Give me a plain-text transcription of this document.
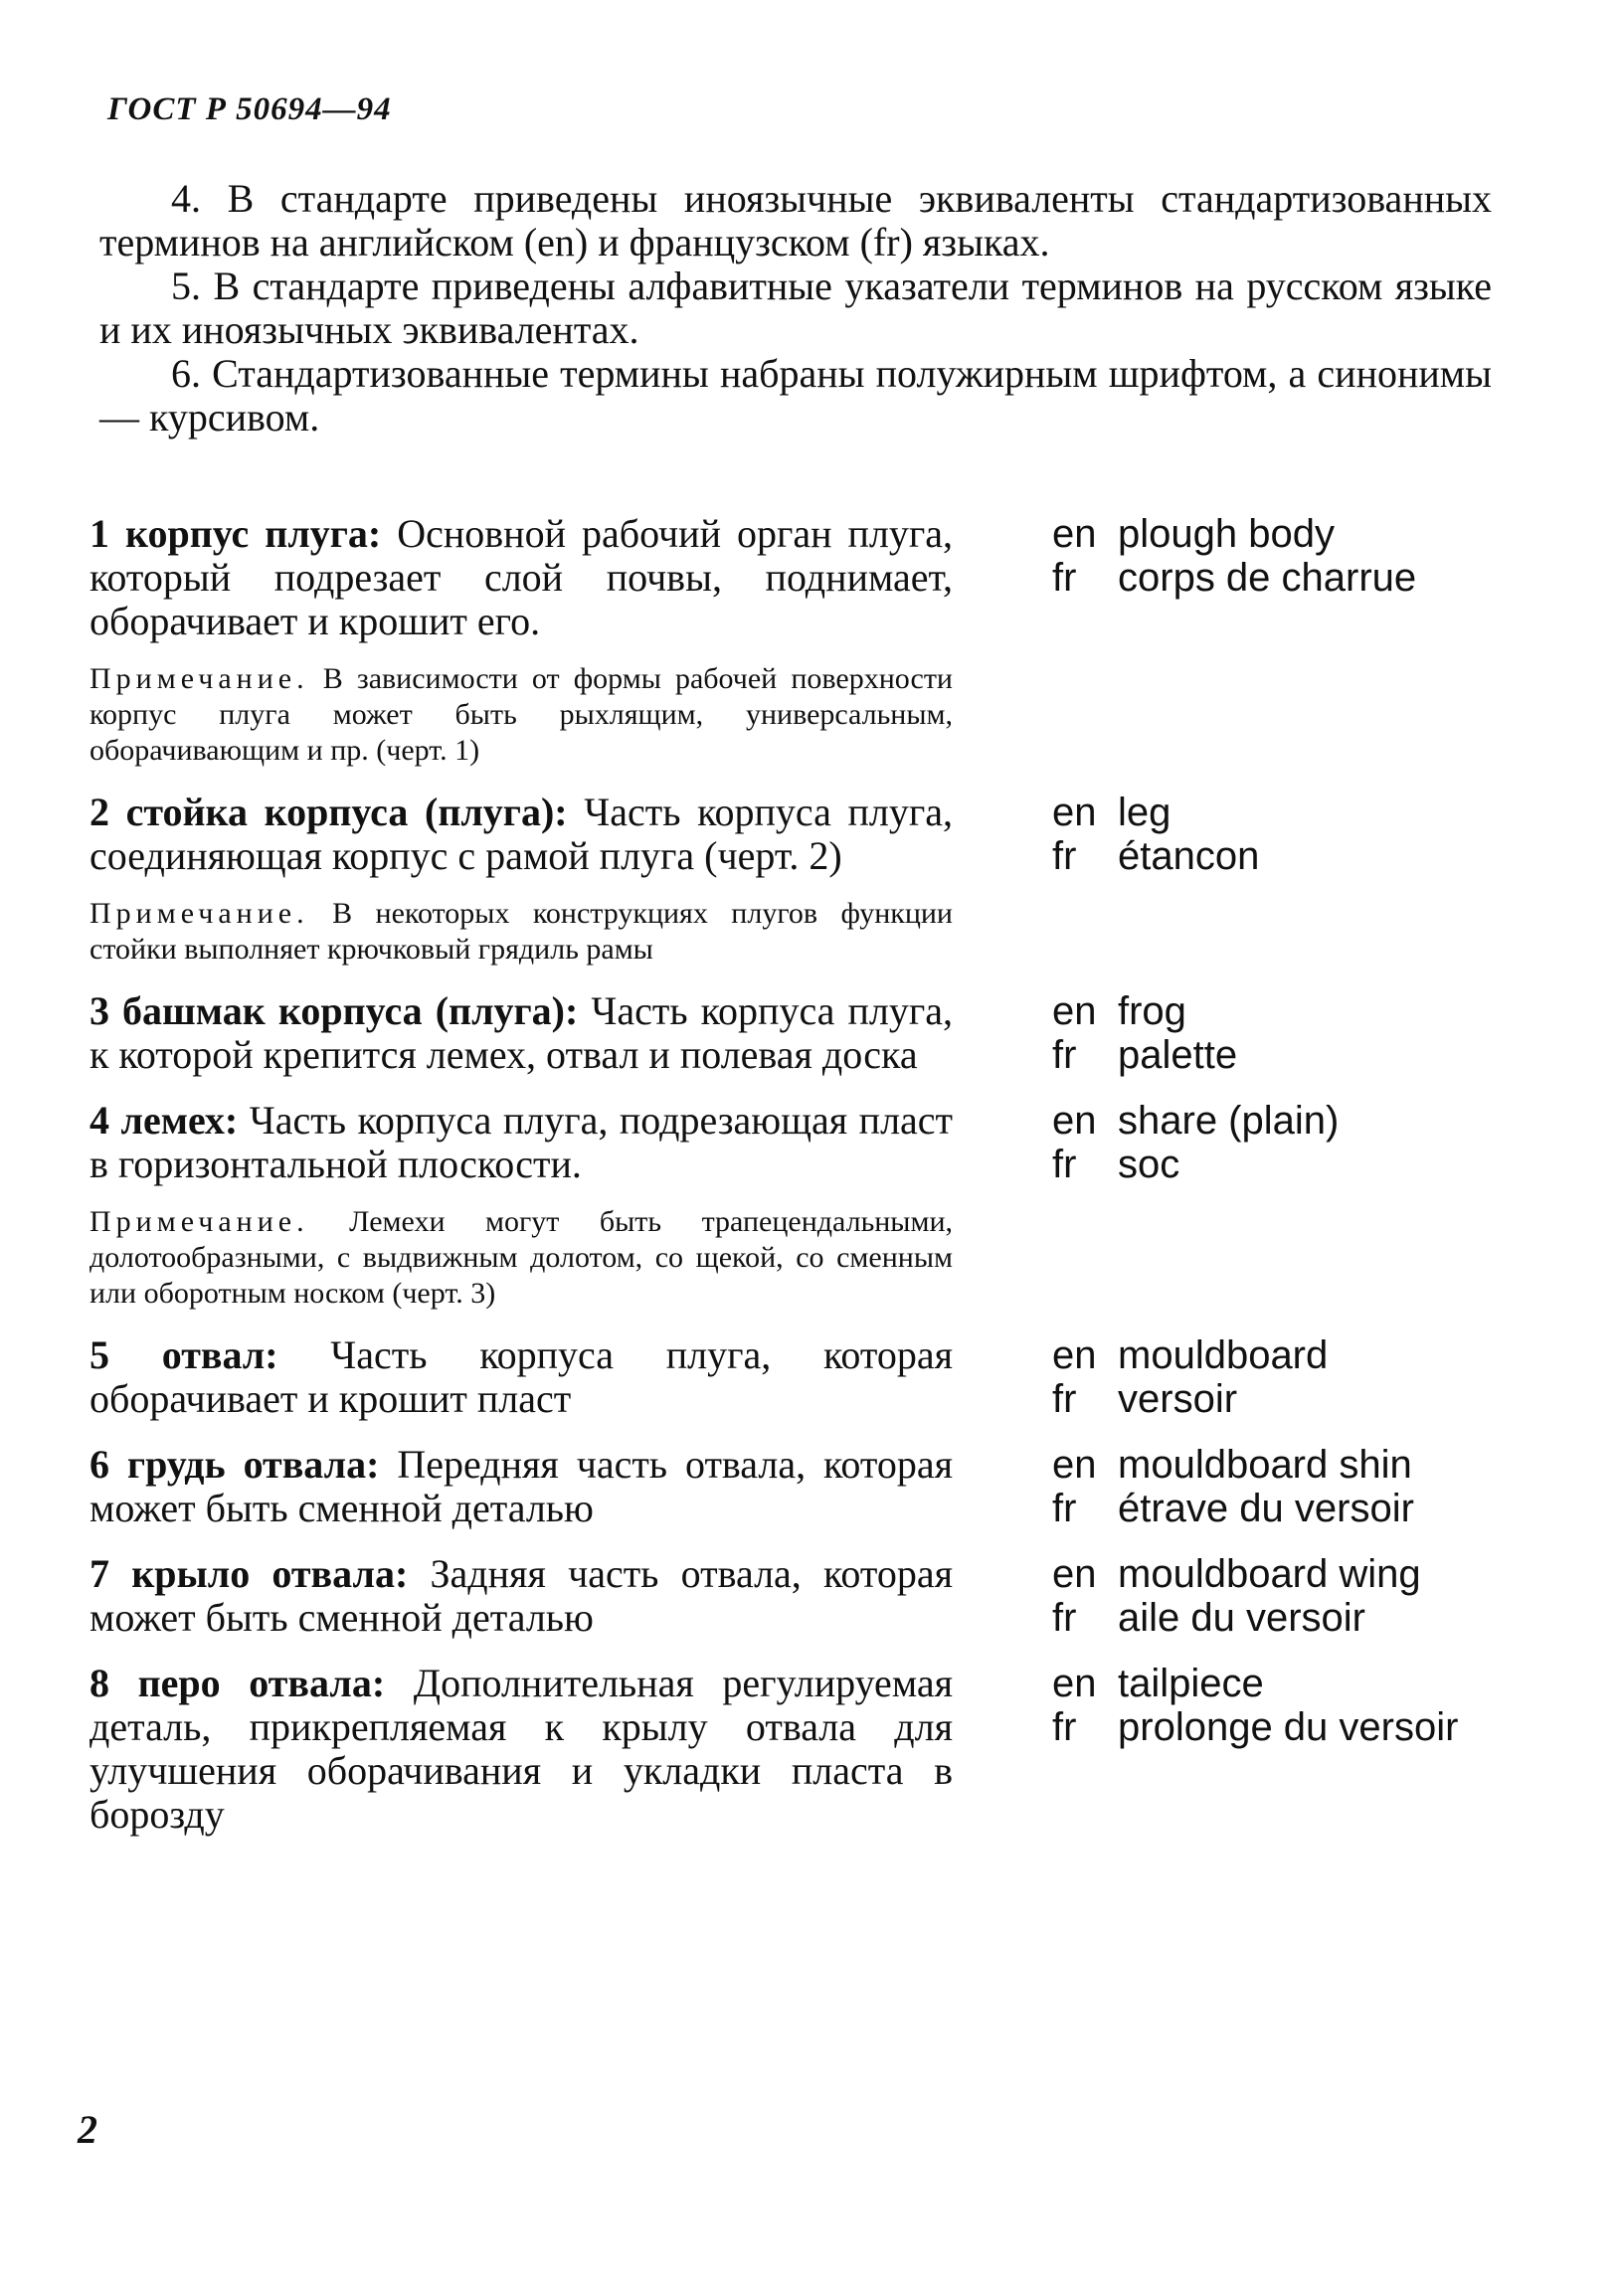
ГОСТ Р 50694—94

4. В стандарте приведены иноязычные эквиваленты стандартизованных терминов на английском (en) и французском (fr) языках.

5. В стандарте приведены алфавитные указатели терминов на русском языке и их иноязычных эквивалентах.

6. Стандартизованные термины набраны полужирным шрифтом, а синонимы — курсивом.

1 корпус плуга: Основной рабочий орган плуга, который подрезает слой почвы, поднимает, оборачивает и крошит его.
Примечание. В зависимости от формы рабочей поверхности корпус плуга может быть рыхлящим, универсальным, оборачивающим и пр. (черт. 1)
en plough body
fr	corps de charrue
2 стойка корпуса (плуга): Часть корпуса плуга, соединяющая корпус с рамой плуга (черт. 2)
Примечание. В некоторых конструкциях плугов функции стойки выполняет крючковый грядиль рамы
en leg
fr	étancon
3 башмак корпуса (плуга): Часть корпуса плуга, к которой крепится лемех, отвал и полевая доска
en frog
fr	palette
4 лемех: Часть корпуса плуга, подрезающая пласт в горизонтальной плоскости.
Примечание. Лемехи могут быть трапецендальными, долотообразными, с выдвижным долотом, со щекой, со сменным или оборотным носком (черт. 3)
en share (plain)
fr	soc
5 отвал: Часть корпуса плуга, которая оборачивает и крошит пласт
en mouldboard
fr	versoir
6 грудь отвала: Передняя часть отвала, которая может быть сменной деталью
en mouldboard shin
fr	étrave du versoir
7 крыло отвала: Задняя часть отвала, которая может быть сменной деталью
en mouldboard wing
fr	aile du versoir
8 перо отвала: Дополнительная регулируемая деталь, прикрепляемая к крылу отвала для улучшения оборачивания и укладки пласта в борозду
en tailpiece
fr	prolonge du versoir
2
